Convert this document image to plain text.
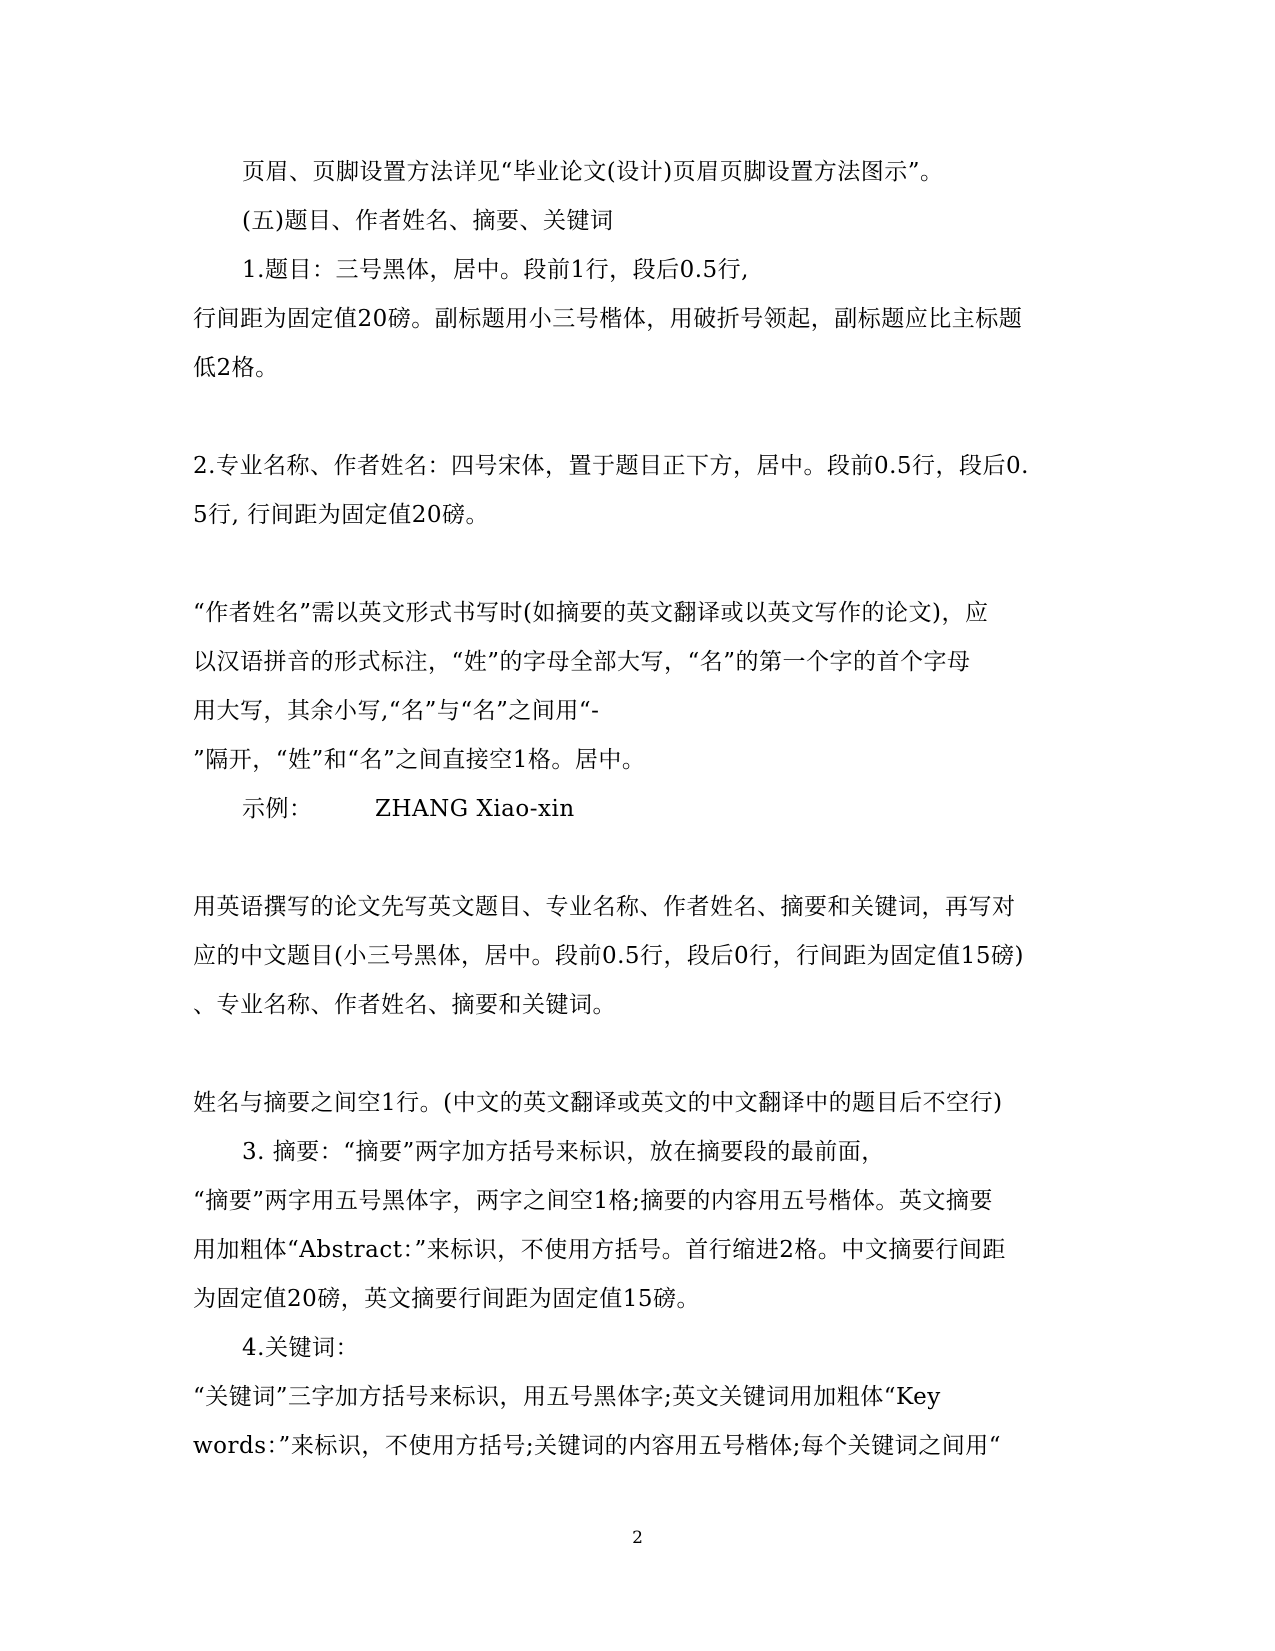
页眉、页脚设置方法详见“毕业论文(设计)页眉页脚设置方法图示”。
(五)题目、作者姓名、摘要、关键词
1.题目：三号黑体，居中。段前1行，段后0.5行,
行间距为固定值20磅。副标题用小三号楷体，用破折号领起，副标题应比主标题
低2格。
2.专业名称、作者姓名：四号宋体，置于题目正下方，居中。段前0.5行，段后0.
5行, 行间距为固定值20磅。
“作者姓名”需以英文形式书写时(如摘要的英文翻译或以英文写作的论文)，应
以汉语拼音的形式标注，“姓”的字母全部大写，“名”的第一个字的首个字母
用大写，其余小写,“名”与“名”之间用“-
”隔开，“姓”和“名”之间直接空1格。居中。
示例：        ZHANG Xiao-xin
用英语撰写的论文先写英文题目、专业名称、作者姓名、摘要和关键词，再写对
应的中文题目(小三号黑体，居中。段前0.5行，段后0行，行间距为固定值15磅)
、专业名称、作者姓名、摘要和关键词。
姓名与摘要之间空1行。(中文的英文翻译或英文的中文翻译中的题目后不空行)
3. 摘要：“摘要”两字加方括号来标识，放在摘要段的最前面，
“摘要”两字用五号黑体字，两字之间空1格;摘要的内容用五号楷体。英文摘要
用加粗体“Abstract：”来标识，不使用方括号。首行缩进2格。中文摘要行间距
为固定值20磅，英文摘要行间距为固定值15磅。
4.关键词：
“关键词”三字加方括号来标识，用五号黑体字;英文关键词用加粗体“Key
words：”来标识，不使用方括号;关键词的内容用五号楷体;每个关键词之间用“
2
